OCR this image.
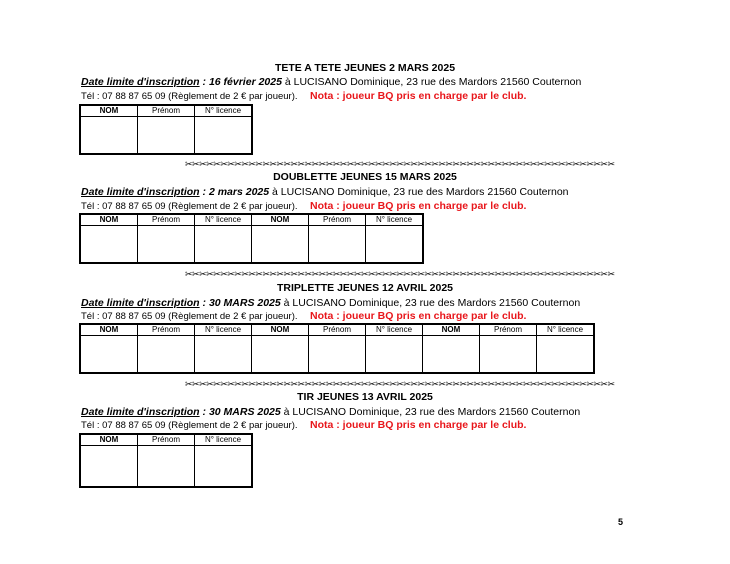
TETE A TETE JEUNES 2 MARS 2025
Date limite d'inscription : 16 février 2025 à LUCISANO Dominique, 23 rue des Mardors 21560 Couternon
Tél : 07 88 87 65 09 (Règlement de 2 € par joueur). Nota : joueur BQ pris en charge par le club.
NOM	Prénom	N° licence

✂✂✂✂✂✂✂✂✂✂✂✂✂✂✂✂✂✂✂✂✂✂✂✂✂✂✂✂✂✂✂✂✂✂✂✂✂✂✂✂✂✂✂✂✂✂✂✂✂✂✂✂✂✂✂✂✂✂✂✂✂
DOUBLETTE JEUNES 15 MARS 2025
Date limite d'inscription : 2 mars 2025 à LUCISANO Dominique, 23 rue des Mardors 21560 Couternon
Tél : 07 88 87 65 09 (Règlement de 2 € par joueur). Nota : joueur BQ pris en charge par le club.
NOM	Prénom	N° licence	NOM	Prénom	N° licence

✂✂✂✂✂✂✂✂✂✂✂✂✂✂✂✂✂✂✂✂✂✂✂✂✂✂✂✂✂✂✂✂✂✂✂✂✂✂✂✂✂✂✂✂✂✂✂✂✂✂✂✂✂✂✂✂✂✂✂✂✂
TRIPLETTE JEUNES 12 AVRIL 2025
Date limite d'inscription : 30 MARS 2025 à LUCISANO Dominique, 23 rue des Mardors 21560 Couternon
Tél : 07 88 87 65 09 (Règlement de 2 € par joueur). Nota : joueur BQ pris en charge par le club.
NOM	Prénom	N° licence	NOM	Prénom	N° licence	NOM	Prénom	N° licence

✂✂✂✂✂✂✂✂✂✂✂✂✂✂✂✂✂✂✂✂✂✂✂✂✂✂✂✂✂✂✂✂✂✂✂✂✂✂✂✂✂✂✂✂✂✂✂✂✂✂✂✂✂✂✂✂✂✂✂✂✂
TIR JEUNES 13 AVRIL 2025
Date limite d'inscription : 30 MARS 2025 à LUCISANO Dominique, 23 rue des Mardors 21560 Couternon
Tél : 07 88 87 65 09 (Règlement de 2 € par joueur). Nota : joueur BQ pris en charge par le club.
NOM	Prénom	N° licence

5
